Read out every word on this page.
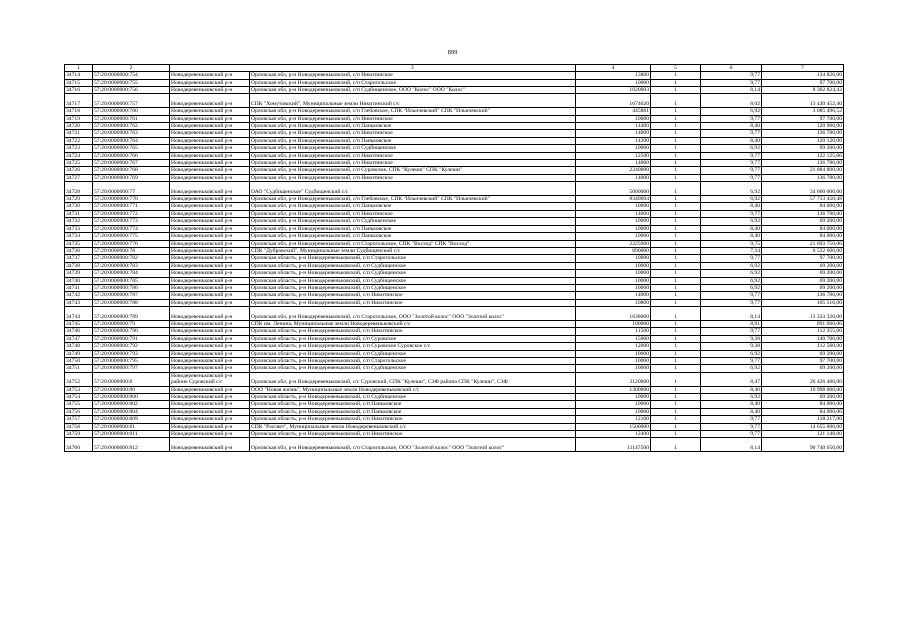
899
1	2		3	4	5	6	7
34714	57:20:0000000:754	Новодеревеньковский р-н	Орловская обл, р-н Новодеревеньковский, с/п Никитинское	13800	1	9,77	134 826,00
34715	57:20:0000000:755	Новодеревеньковский р-н	Орловская обл, р-н Новодеревеньковский, с/п Старогольское	10000	1	9,77	97 700,00
34716	57:20:0000000:756	Новодеревеньковский р-н	Орловская обл, р-н Новодеревеньковский, с/п Судбищенское, ООО "Колос" ООО "Колос"	1020003	1	8,14	8 302 824,42
34717	57:20:0000000:757	Новодеревеньковский р-н	СПК "Хомутовский", Муниципальные земли Никитинский с/с	1674620	1	8,02	13 430 452,40
34718	57:20:0000000:760	Новодеревеньковский р-н	Орловская обл, р-н Новодеревеньковский, с/п Глебовское, СПК "Ильичевский" СПК "Ильичевский"	445881	1	6,92	3 085 496,52
34719	57:20:0000000:761	Новодеревеньковский р-н	Орловская обл, р-н Новодеревеньковский, с/п Никитинское	10000	1	9,77	97 700,00
34720	57:20:0000000:762	Новодеревеньковский р-н	Орловская обл, р-н Новодеревеньковский, с/п Паньковское	14400	1	8,40	120 960,00
34721	57:20:0000000:763	Новодеревеньковский р-н	Орловская обл, р-н Новодеревеньковский, с/п Никитинское	14000	1	9,77	136 780,00
34722	57:20:0000000:764	Новодеревеньковский р-н	Орловская обл, р-н Новодеревеньковский, с/п Паньковское	14300	1	8,40	120 120,00
34723	57:20:0000000:765	Новодеревеньковский р-н	Орловская обл, р-н Новодеревеньковский, с/п Судбищенское	10000	1	6,92	69 200,00
34724	57:20:0000000:766	Новодеревеньковский р-н	Орловская обл, р-н Новодеревеньковский, с/п Никитинское	12500	1	9,77	122 125,00
34725	57:20:0000000:767	Новодеревеньковский р-н	Орловская обл, р-н Новодеревеньковский, с/п Никитинское	14000	1	9,77	136 780,00
34726	57:20:0000000:768	Новодеревеньковский р-н	Орловская обл, р-н Новодеревеньковский, с/п Суровское, СПК "Кулеши" СПК "Кулеши"	2240000	1	9,77	21 884 800,00
34727	57:20:0000000:769	Новодеревеньковский р-н	Орловская обл, р-н Новодеревеньковский, с/п Никитинское	14000	1	9,77	136 780,00
34728	57:20:0000000:77	Новодеревеньковский р-н	ОАО "Судбищенское" Судбищенский с/с	5000000	1	6,92	34 600 000,00
34729	57:20:0000000:770	Новодеревеньковский р-н	Орловская обл, р-н Новодеревеньковский, с/п Глебовское, СПК "Ильичевский" СПК "Ильичевский"	8340094	1	6,92	57 713 450,48
34730	57:20:0000000:771	Новодеревеньковский р-н	Орловская обл, р-н Новодеревеньковский, с/п Паньковское	10000	1	8,40	84 000,00
34731	57:20:0000000:772	Новодеревеньковский р-н	Орловская обл, р-н Новодеревеньковский, с/п Никитинское	14000	1	9,77	136 780,00
34732	57:20:0000000:773	Новодеревеньковский р-н	Орловская обл, р-н Новодеревеньковский, с/п Судбищенское	10000	1	6,92	69 200,00
34733	57:20:0000000:774	Новодеревеньковский р-н	Орловская обл, р-н Новодеревеньковский, с/п Паньковское	10000	1	8,40	84 000,00
34734	57:20:0000000:775	Новодеревеньковский р-н	Орловская обл, р-н Новодеревеньковский, с/п Паньковское	10000	1	8,40	84 000,00
34735	57:20:0000000:776	Новодеревеньковский р-н	Орловская обл, р-н Новодеревеньковский, с/п Старогольское, СПК "Восход" СПК "Восход"	2225000	1	9,75	21 693 750,00
34736	57:20:0000000:78	Новодеревеньковский р-н	СПК "Дубровский", Муниципальные земли Судбищенский с/с	890000	1	7,34	6 532 600,00
34737	57:20:0000000:782	Новодеревеньковский р-н	Орловская область, р-н Новодеревеньковский, с/п Старогольское	10000	1	9,77	97 700,00
34738	57:20:0000000:783	Новодеревеньковский р-н	Орловская область, р-н Новодеревеньковский, с/п Судбищенское	10000	1	6,92	69 200,00
34739	57:20:0000000:784	Новодеревеньковский р-н	Орловская область, р-н Новодеревеньковский, с/п Судбищенское	10000	1	6,92	69 200,00
34740	57:20:0000000:785	Новодеревеньковский р-н	Орловская область, р-н Новодеревеньковский, с/п Судбищенское	10000	1	6,92	69 200,00
34741	57:20:0000000:786	Новодеревеньковский р-н	Орловская область, р-н Новодеревеньковский, с/п Судбищенское	10000	1	6,92	69 200,00
34742	57:20:0000000:787	Новодеревеньковский р-н	Орловская область, р-н Новодеревеньковский, с/п Никитинское	14000	1	9,77	136 780,00
34743	57:20:0000000:788	Новодеревеньковский р-н	Орловская область, р-н Новодеревеньковский, с/п Никитинское	10800	1	9,77	105 516,00
34744	57:20:0000000:789	Новодеревеньковский р-н	Орловская обл, р-н Новодеревеньковский, с/п Старогольское, ООО "Золотой колос" ООО "Золотой колос"	1638000	1	8,14	13 333 320,00
34745	57:20:0000000:79	Новодеревеньковский р-н	СПК им. Ленина, Муниципальные земли Новодеревеньковский с/с	100000	1	8,91	891 000,00
34746	57:20:0000000:790	Новодеревеньковский р-н	Орловская область, р-н Новодеревеньковский, с/п Никитинское	11500	1	9,77	112 355,00
34747	57:20:0000000:791	Новодеревеньковский р-н	Орловская область, р-н Новодеревеньковский, с/п Суровское	15000	1	9,38	140 700,00
34748	57:20:0000000:792	Новодеревеньковский р-н	Орловская область, р-н Новодеревеньковский, с/п Суровское Суровское с/с	12000	1	9,38	112 560,00
34749	57:20:0000000:793	Новодеревеньковский р-н	Орловская область, р-н Новодеревеньковский, с/п Судбищенское	10000	1	6,92	69 200,00
34750	57:20:0000000:795	Новодеревеньковский р-н	Орловская область, р-н Новодеревеньковский, с/п Старогольское	10000	1	9,77	97 700,00
34751	57:20:0000000:797	Новодеревеньковский р-н	Орловская область, р-н Новодеревеньковский, с/п Судбищенское	10000	1	6,92	69 200,00
34752	57:20:0000000:8	Новодеревеньковский р-н районе Суровский с/с	Орловская обл, р-н Новодеревеньковский, с/с Суровский, СПК "Кулеши", СЗФ района СПК "Кулеши", СЗФ	3120000	1	8,47	26 426 400,00
34753	57:20:0000000:80	Новодеревеньковский р-н	ООО "Новая жизнь", Муниципальные земли Новодеревеньковский с/с	1300000	1	8,46	10 998 000,00
34754	57:20:0000000:800	Новодеревеньковский р-н	Орловская область, р-н Новодеревеньковский, с/п Судбищенское	10000	1	6,92	69 200,00
34755	57:20:0000000:802	Новодеревеньковский р-н	Орловская область, р-н Новодеревеньковский, с/п Паньковское	10000	1	8,40	84 000,00
34756	57:20:0000000:804	Новодеревеньковский р-н	Орловская область, р-н Новодеревеньковский, с/п Паньковское	10000	1	8,40	84 000,00
34757	57:20:0000000:809	Новодеревеньковский р-н	Орловская область, р-н Новодеревеньковский, с/п Никитинское	12100	1	9,77	118 217,00
34758	57:20:0000000:81	Новодеревеньковский р-н	СПК "Рассвет", Муниципальные земли Новодеревеньковский с/с	1500000	1	9,77	14 655 000,00
34759	57:20:0000000:811	Новодеревеньковский р-н	Орловская область, р-н Новодеревеньковский, с/п Никитинское	12400	1	9,77	121 148,00
34760	57:20:0000000:812	Новодеревеньковский р-н	Орловская обл, р-н Новодеревеньковский, с/п Старогольское, ООО "Золотой колос" ООО "Золотой колос"	11147500	1	8,14	90 740 650,00
